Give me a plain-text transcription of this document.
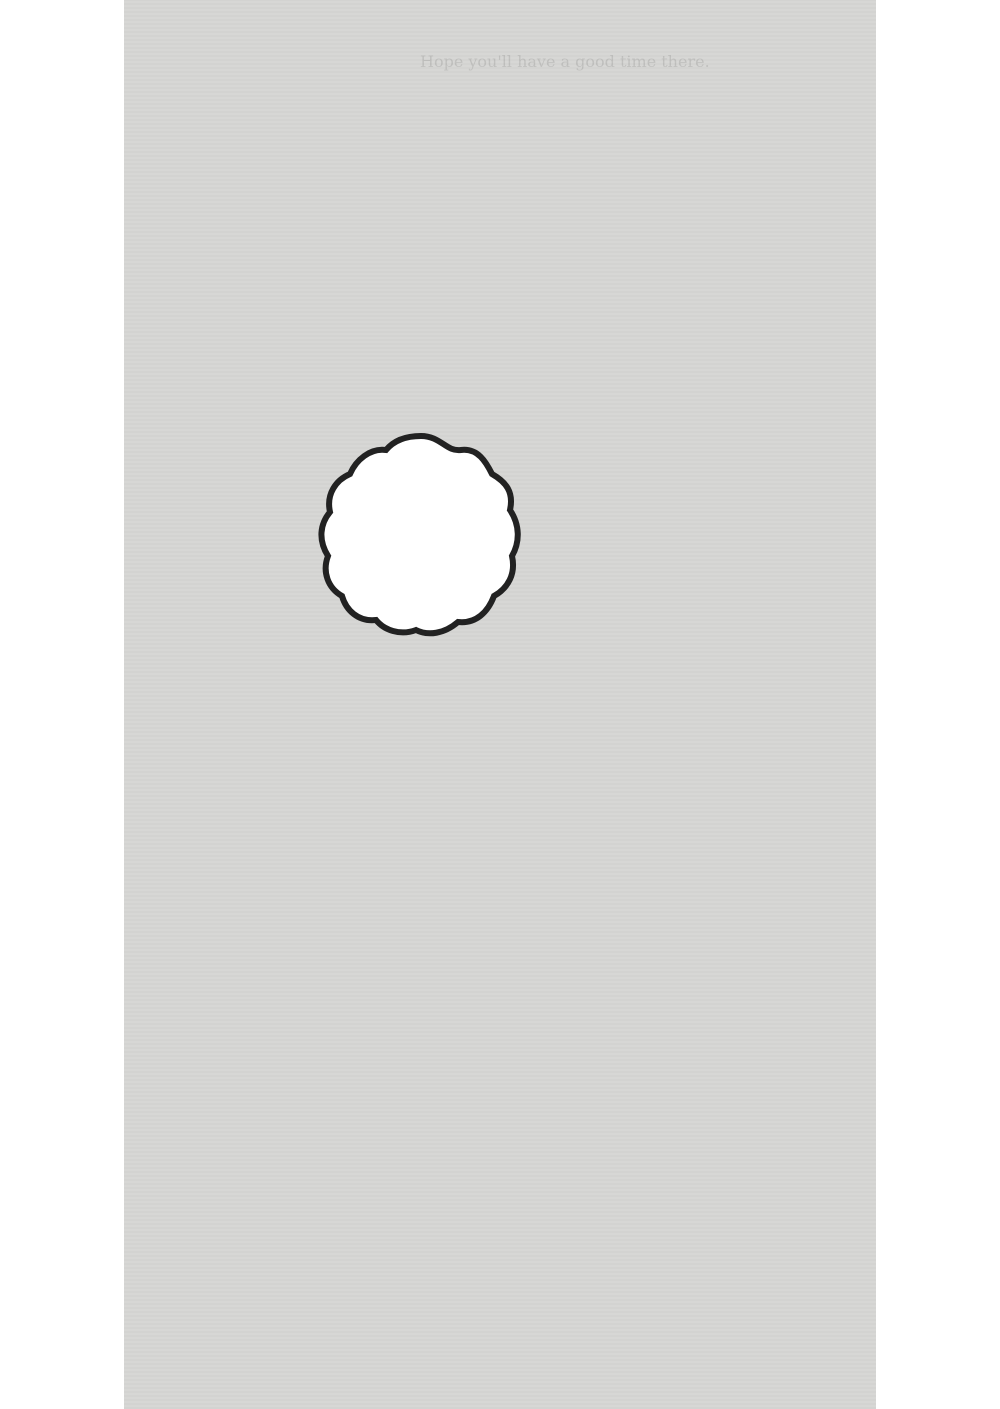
Hope you'll have a good time there.
